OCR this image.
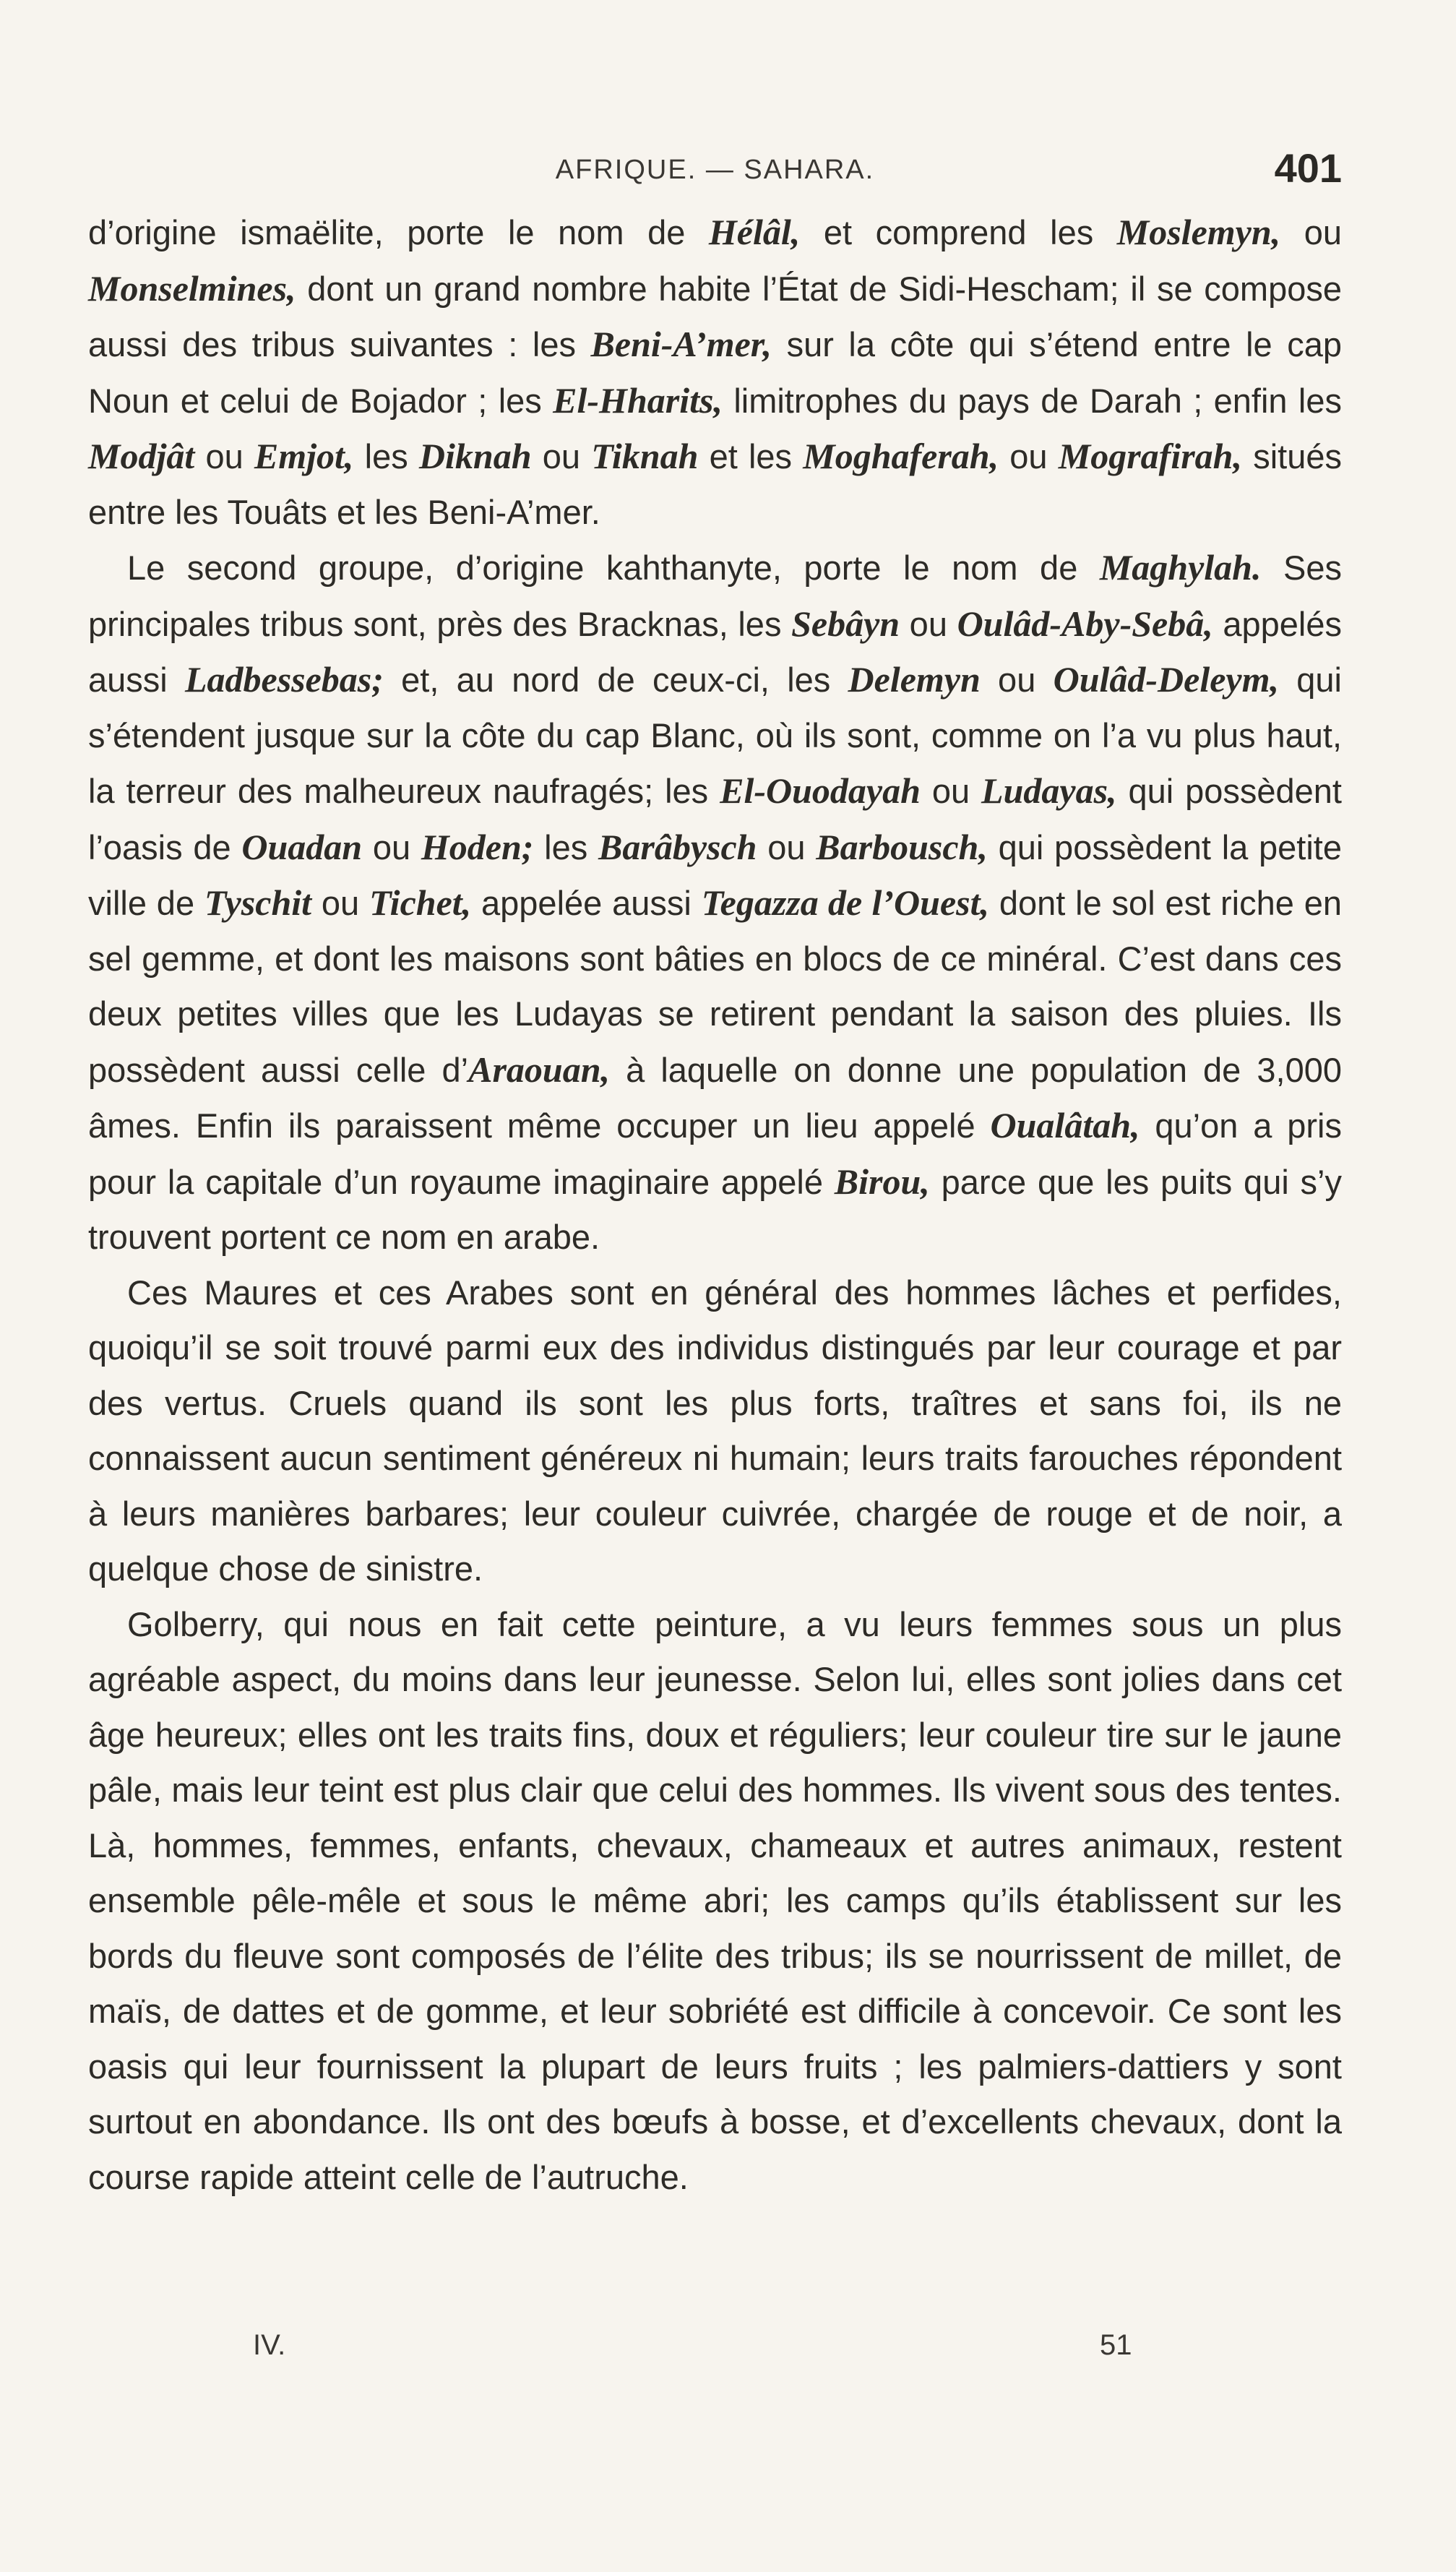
AFRIQUE. — SAHARA.	401

d’origine ismaëlite, porte le nom de Hélâl, et comprend les Moslemyn, ou Monselmines, dont un grand nombre habite l’État de Sidi-Hescham; il se compose aussi des tribus suivantes : les Beni-A’mer, sur la côte qui s’étend entre le cap Noun et celui de Bojador ; les El-Hharits, limitrophes du pays de Darah ; enfin les Modjât ou Emjot, les Diknah ou Tiknah et les Moghaferah, ou Mografirah, situés entre les Touâts et les Beni-A’mer.

Le second groupe, d’origine kahthanyte, porte le nom de Maghylah. Ses principales tribus sont, près des Bracknas, les Sebâyn ou Oulâd-Aby-Sebâ, appelés aussi Ladbessebas; et, au nord de ceux-ci, les Delemyn ou Oulâd-Deleym, qui s’étendent jusque sur la côte du cap Blanc, où ils sont, comme on l’a vu plus haut, la terreur des malheureux naufragés; les El-Ouodayah ou Ludayas, qui possèdent l’oasis de Ouadan ou Hoden; les Barâbysch ou Barbousch, qui possèdent la petite ville de Tyschit ou Tichet, appelée aussi Tegazza de l’Ouest, dont le sol est riche en sel gemme, et dont les maisons sont bâties en blocs de ce minéral. C’est dans ces deux petites villes que les Ludayas se retirent pendant la saison des pluies. Ils possèdent aussi celle d’Araouan, à laquelle on donne une population de 3,000 âmes. Enfin ils paraissent même occuper un lieu appelé Oualâtah, qu’on a pris pour la capitale d’un royaume imaginaire appelé Birou, parce que les puits qui s’y trouvent portent ce nom en arabe.

Ces Maures et ces Arabes sont en général des hommes lâches et perfides, quoiqu’il se soit trouvé parmi eux des individus distingués par leur courage et par des vertus. Cruels quand ils sont les plus forts, traîtres et sans foi, ils ne connaissent aucun sentiment généreux ni humain; leurs traits farouches répondent à leurs manières barbares; leur couleur cuivrée, chargée de rouge et de noir, a quelque chose de sinistre.

Golberry, qui nous en fait cette peinture, a vu leurs femmes sous un plus agréable aspect, du moins dans leur jeunesse. Selon lui, elles sont jolies dans cet âge heureux; elles ont les traits fins, doux et réguliers; leur couleur tire sur le jaune pâle, mais leur teint est plus clair que celui des hommes. Ils vivent sous des tentes. Là, hommes, femmes, enfants, chevaux, chameaux et autres animaux, restent ensemble pêle-mêle et sous le même abri; les camps qu’ils établissent sur les bords du fleuve sont composés de l’élite des tribus; ils se nourrissent de millet, de maïs, de dattes et de gomme, et leur sobriété est difficile à concevoir. Ce sont les oasis qui leur fournissent la plupart de leurs fruits ; les palmiers-dattiers y sont surtout en abondance. Ils ont des bœufs à bosse, et d’excellents chevaux, dont la course rapide atteint celle de l’autruche.

IV.	51
